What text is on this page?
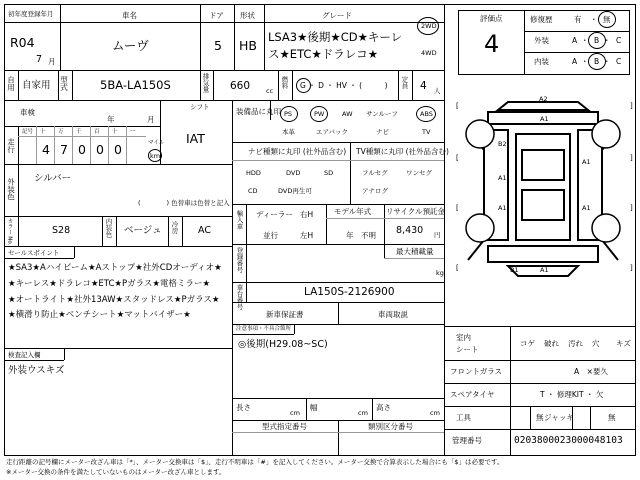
初年度登録年月
R04
7 月
車名
ムーヴ
ドア
5
形状
HB
グレード
LSA3★後期★CD★キーレ
ス★ETC★ドラレコ★
2WD
4WD
自用 自家用 型式	5BA-LA150S	排気量 660 cc
燃料 G ・ D ・ HV ・ (　　　) 定員 4 人
車検
年	月
シフト
IAT
走行
記号 十 万 千 百 十 一
4 7 0 0 0	マイル
km
外装色 シルバー
(　　　　) 色替車は色替と記入
カラー No.	S28	内装色 ベージュ 冷房 AC
セールスポイント
★SA3★Aハイビーム★Aストップ★社外CDオーディオ★
★キーレス★ドラレコ★ETC★Pガラス★電格ミラー★
★オートライト★社外13AW★スタッドレス★Pガラス★
★横滑り防止★ベンチシート★マットバイザー★
検査記入欄
外装ウスキズ
装備品に丸印 PS	PW	AW サンルーフ	ABS
本革	エアバック	ナビ	TV
ナビ種類に丸印 (社外品含む) TV種類に丸印 (社外品含む)
HDD	DVD	SD
CD	DVD再生可
フルセグ	ワンセグ
アナログ
輸入車 ディーラー
並行
右H
左H
モデル年式
年　不明
リサイクル預託金
8,430 円
登録番号	最大積載量
kg
車台番号	LA150S-2126900
新車保証書	車両取説
注意事項・不具合箇所
◎後期(H29.08~SC)
長さ
cm
幅
cm
高さ
cm
型式指定番号	類別区分番号
評価点
4
修復歴	有 ・ 無
外装	A ・ B ・ C
内装	A ・ B ・ C
A2
A1
A1
B2
A1
A1	A1
B1	A1
[	]
[	]
[	]
[	]
室内
シート
コゲ 破れ 汚れ 穴 キズ
フロントガラス	A　×要久
スペアタイヤ	T ・ 修理KIT ・ 欠
工具	無 ジャッキ	無
管理番号	02038000230000481​03
走行距離の記号欄にメーター改ざん車は「*」、メーター交換車は「$」、走行不明車は「#」を記入してください。メーター交換で合算表示した場合にも「$」は必要です。
※メーター交換の条件を満たしていないものはメーター改ざん車とします。
